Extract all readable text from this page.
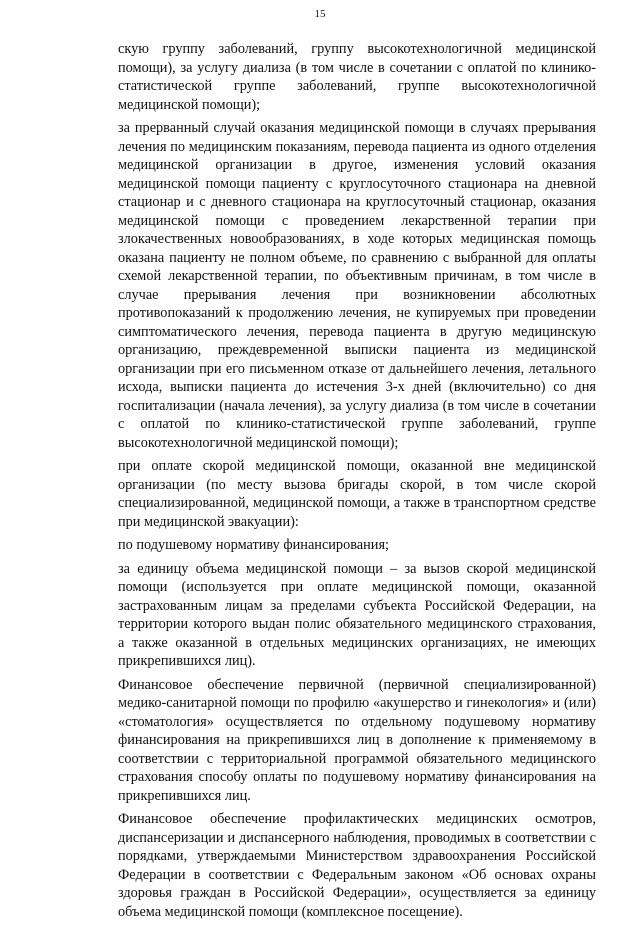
15

скую группу заболеваний, группу высокотехнологичной медицинской помощи), за услугу диализа (в том числе в сочетании с оплатой по клинико-статистической группе заболеваний, группе высокотехнологичной медицинской помощи);

за прерванный случай оказания медицинской помощи в случаях прерывания лечения по медицинским показаниям, перевода пациента из одного отделения медицинской организации в другое, изменения условий оказания медицинской помощи пациенту с круглосуточного стационара на дневной стационар и с дневного стационара на круглосуточный стационар, оказания медицинской помощи с проведением лекарственной терапии при злокачественных новообразованиях, в ходе которых медицинская помощь оказана пациенту не полном объеме, по сравнению с выбранной для оплаты схемой лекарственной терапии, по объективным причинам, в том числе в случае прерывания лечения при возникновении абсолютных противопоказаний к продолжению лечения, не купируемых при проведении симптоматического лечения, перевода пациента в другую медицинскую организацию, преждевременной выписки пациента из медицинской организации при его письменном отказе от дальнейшего лечения, летального исхода, выписки пациента до истечения 3-х дней (включительно) со дня госпитализации (начала лечения), за услугу диализа (в том числе в сочетании с оплатой по клинико-статистической группе заболеваний, группе высокотехнологичной медицинской помощи);

при оплате скорой медицинской помощи, оказанной вне медицинской организации (по месту вызова бригады скорой, в том числе скорой специализированной, медицинской помощи, а также в транспортном средстве при медицинской эвакуации):

по подушевому нормативу финансирования;

за единицу объема медицинской помощи – за вызов скорой медицинской помощи (используется при оплате медицинской помощи, оказанной застрахованным лицам за пределами субъекта Российской Федерации, на территории которого выдан полис обязательного медицинского страхования, а также оказанной в отдельных медицинских организациях, не имеющих прикрепившихся лиц).

Финансовое обеспечение первичной (первичной специализированной) медико-санитарной помощи по профилю «акушерство и гинекология» и (или) «стоматология» осуществляется по отдельному подушевому нормативу финансирования на прикрепившихся лиц в дополнение к применяемому в соответствии с территориальной программой обязательного медицинского страхования способу оплаты по подушевому нормативу финансирования на прикрепившихся лиц.

Финансовое обеспечение профилактических медицинских осмотров, диспансеризации и диспансерного наблюдения, проводимых в соответствии с порядками, утверждаемыми Министерством здравоохранения Российской Федерации в соответствии с Федеральным законом «Об основах охраны здоровья граждан в Российской Федерации», осуществляется за единицу объема медицинской помощи (комплексное посещение).
